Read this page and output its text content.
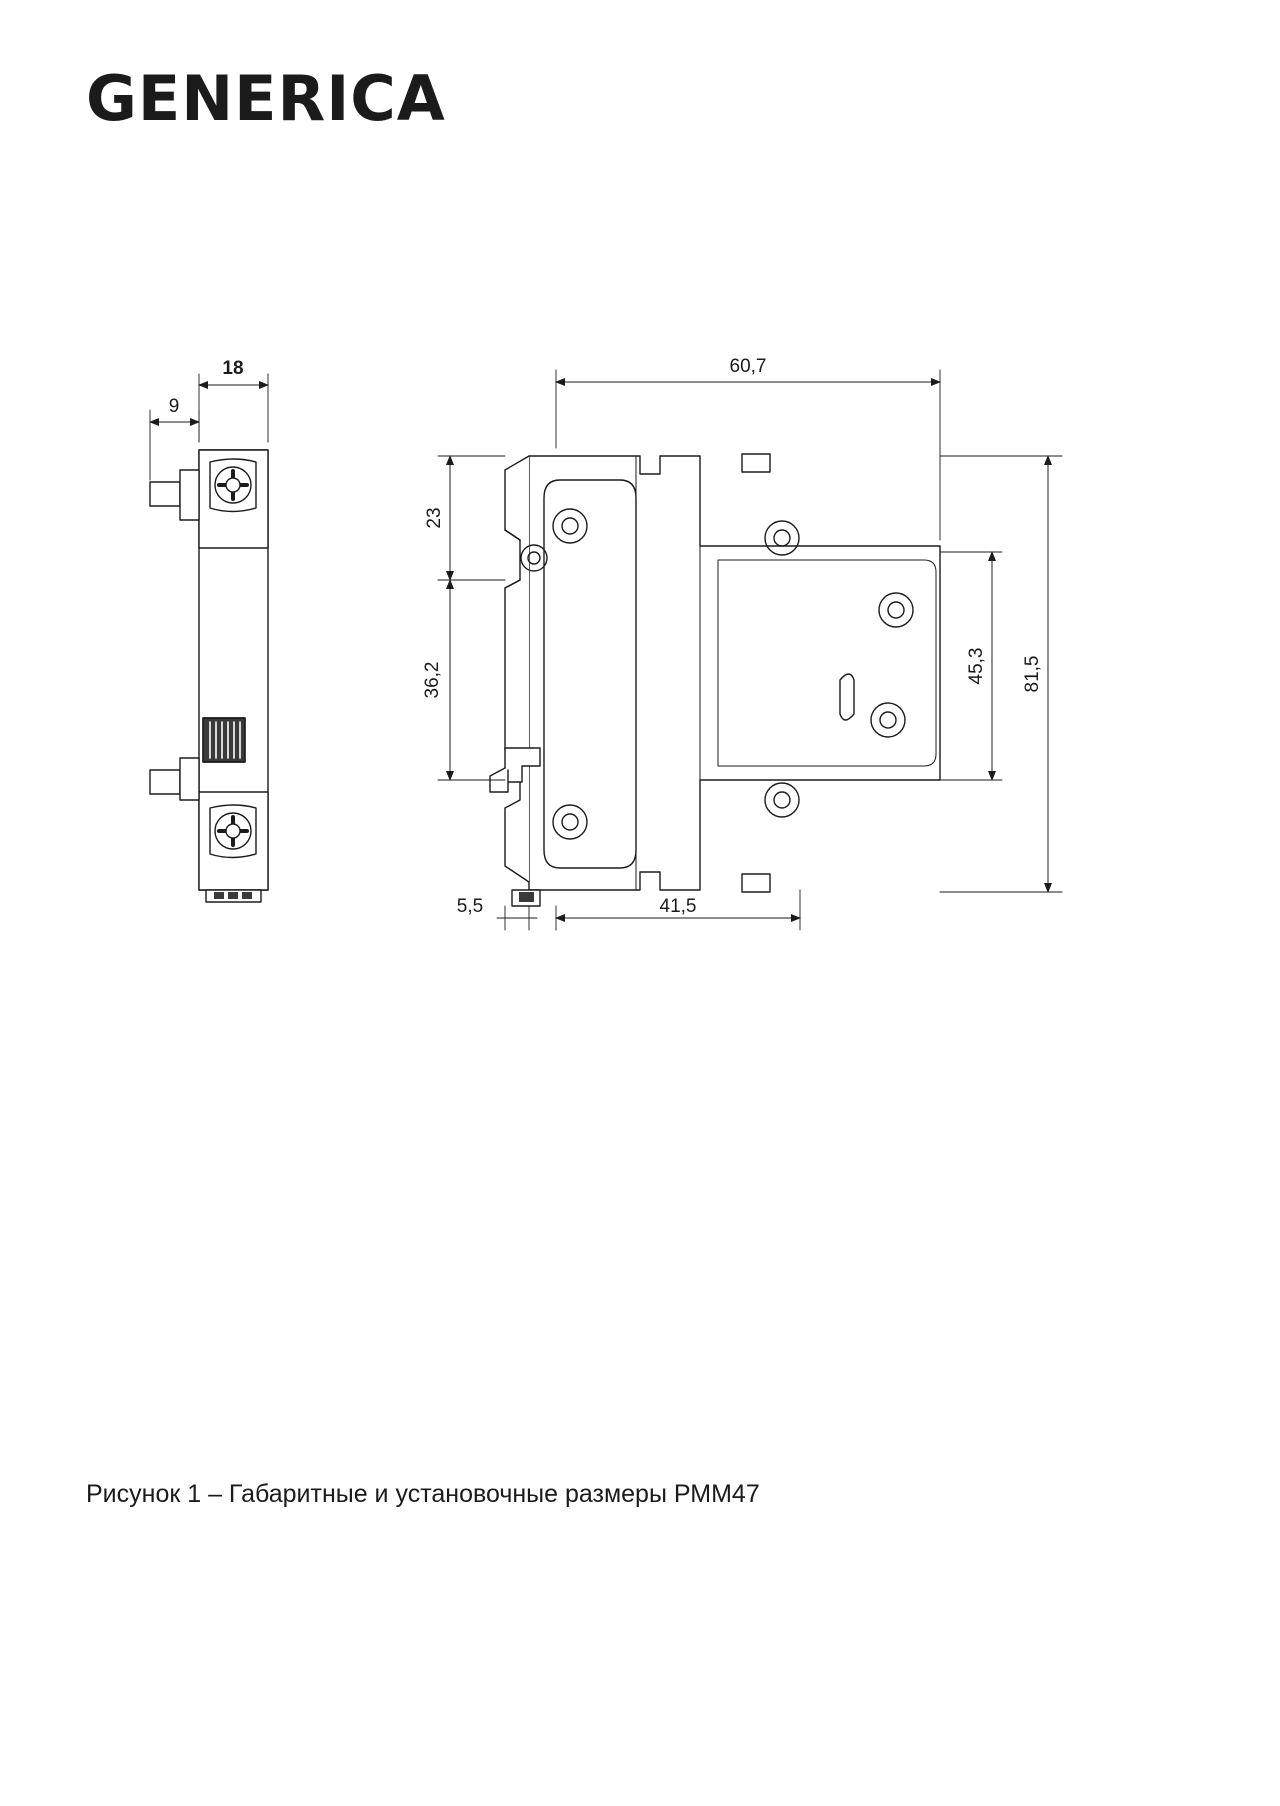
GENERICA
18
9
60,7
41,5
5,5
23
36,2	45,3 81,5
Рисунок 1 – Габаритные и установочные размеры РММ47
